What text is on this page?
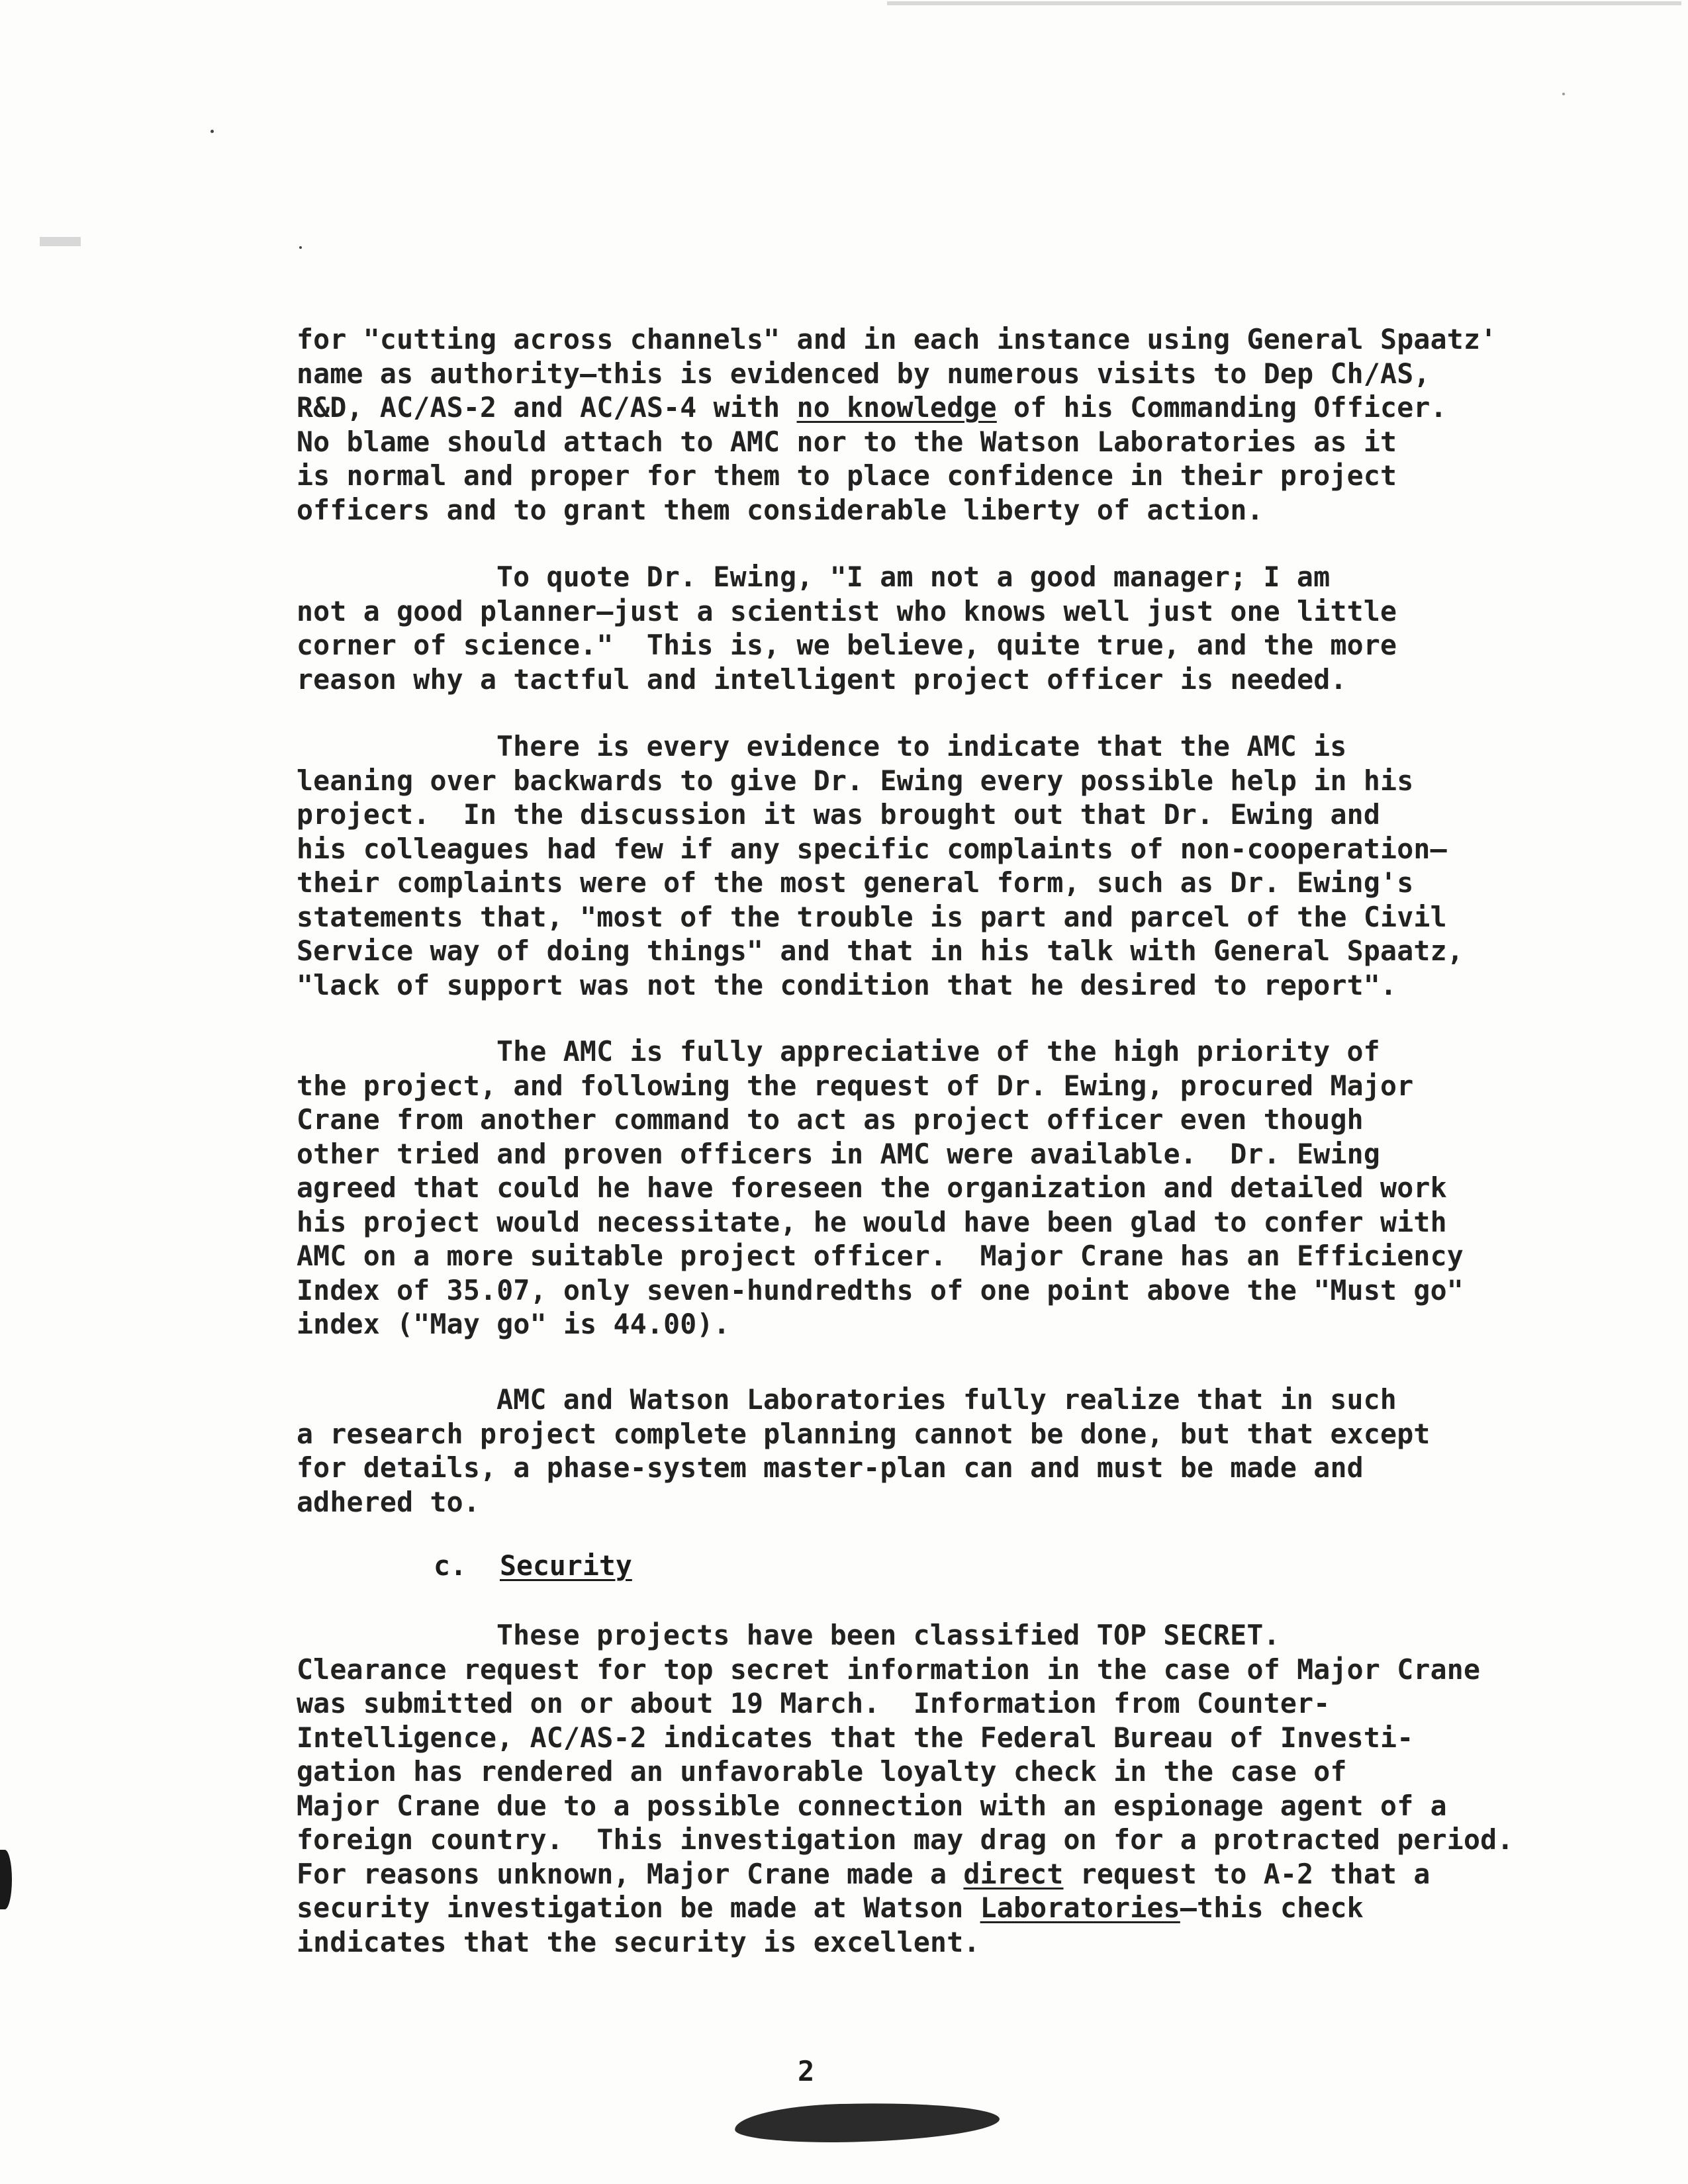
for "cutting across channels" and in each instance using General Spaatz'
name as authority—this is evidenced by numerous visits to Dep Ch/AS,
R&D, AC/AS-2 and AC/AS-4 with no knowledge of his Commanding Officer.
No blame should attach to AMC nor to the Watson Laboratories as it
is normal and proper for them to place confidence in their project
officers and to grant them considerable liberty of action.
To quote Dr. Ewing, "I am not a good manager; I am
not a good planner—just a scientist who knows well just one little
corner of science."  This is, we believe, quite true, and the more
reason why a tactful and intelligent project officer is needed.
There is every evidence to indicate that the AMC is
leaning over backwards to give Dr. Ewing every possible help in his
project.  In the discussion it was brought out that Dr. Ewing and
his colleagues had few if any specific complaints of non-cooperation—
their complaints were of the most general form, such as Dr. Ewing's
statements that, "most of the trouble is part and parcel of the Civil
Service way of doing things" and that in his talk with General Spaatz,
"lack of support was not the condition that he desired to report".
The AMC is fully appreciative of the high priority of
the project, and following the request of Dr. Ewing, procured Major
Crane from another command to act as project officer even though
other tried and proven officers in AMC were available.  Dr. Ewing
agreed that could he have foreseen the organization and detailed work
his project would necessitate, he would have been glad to confer with
AMC on a more suitable project officer.  Major Crane has an Efficiency
Index of 35.07, only seven-hundredths of one point above the "Must go"
index ("May go" is 44.00).
AMC and Watson Laboratories fully realize that in such
a research project complete planning cannot be done, but that except
for details, a phase-system master-plan can and must be made and
adhered to.
c. Security
These projects have been classified TOP SECRET.
Clearance request for top secret information in the case of Major Crane
was submitted on or about 19 March.  Information from Counter-
Intelligence, AC/AS-2 indicates that the Federal Bureau of Investi-
gation has rendered an unfavorable loyalty check in the case of
Major Crane due to a possible connection with an espionage agent of a
foreign country.  This investigation may drag on for a protracted period.
For reasons unknown, Major Crane made a direct request to A-2 that a
security investigation be made at Watson Laboratories—this check
indicates that the security is excellent.
2
